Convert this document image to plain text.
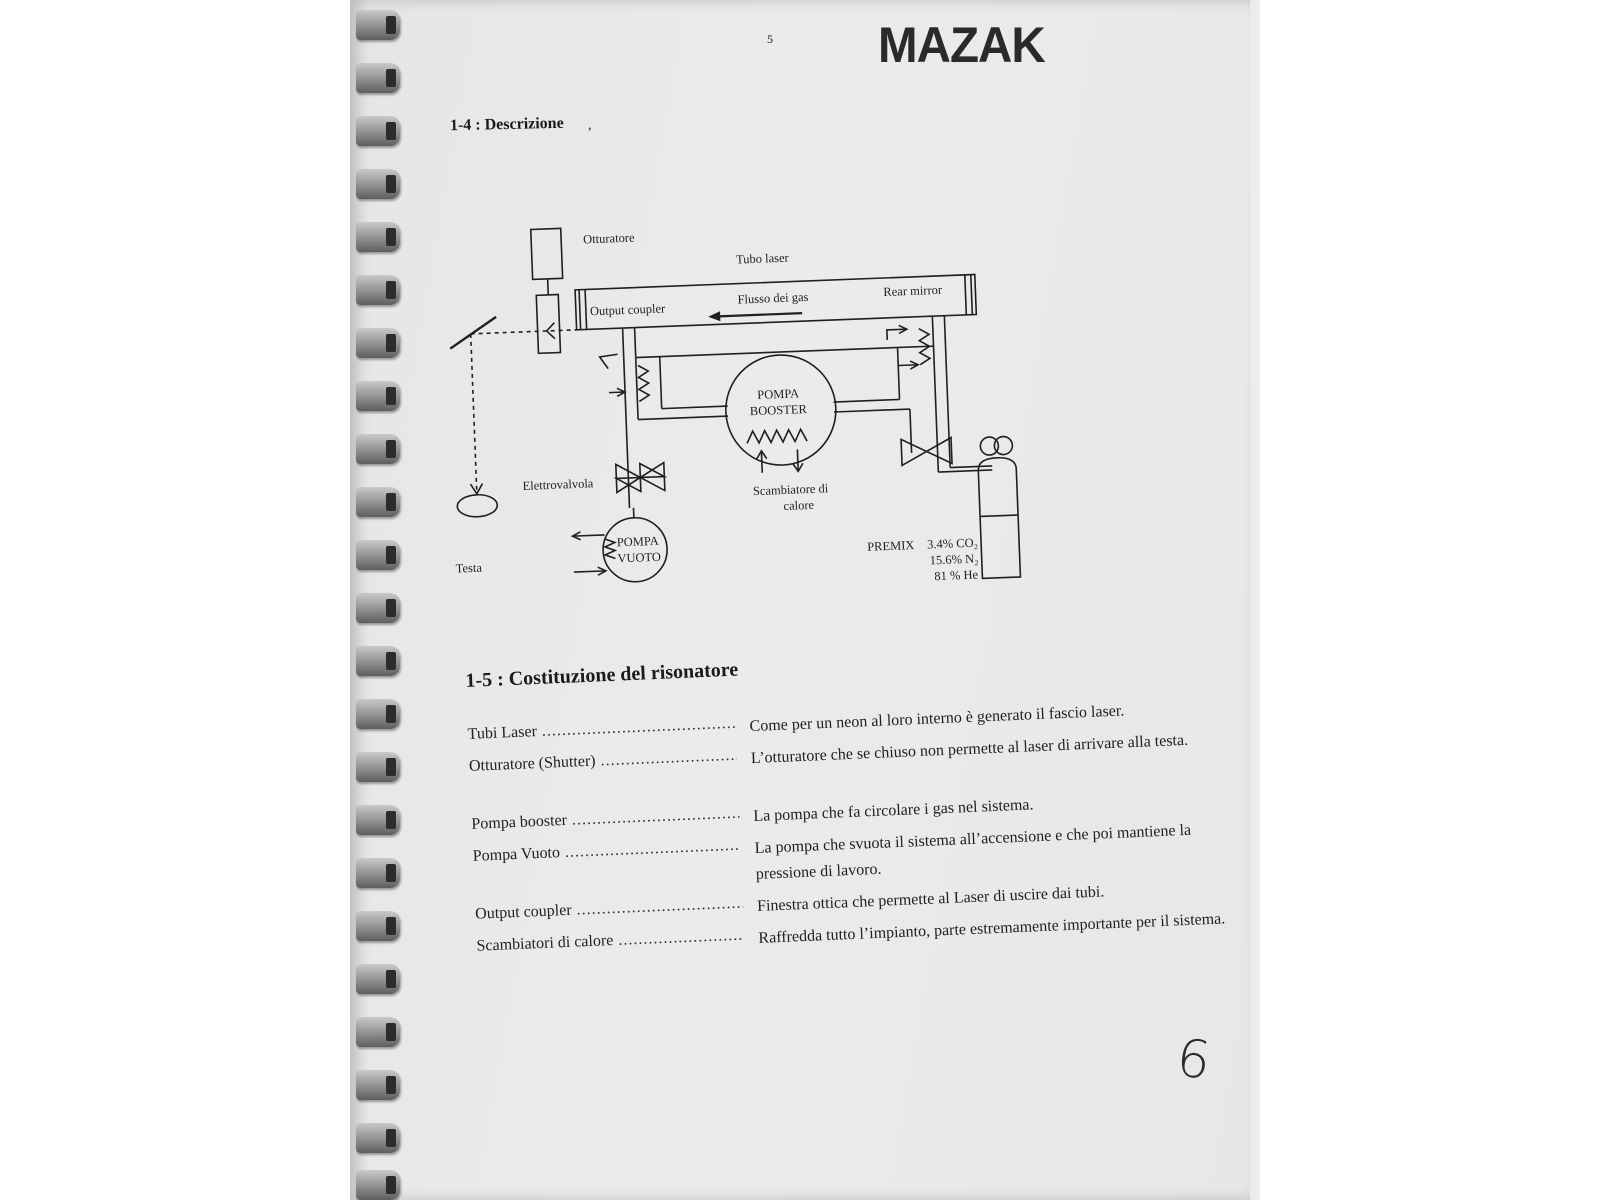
5 MAZAK
1-4 : Descrizione ,
Otturatore
Tubo laser
Output coupler
Rear mirror
Flusso dei gas
POMPA
BOOSTER
Elettrovalvola	Scambiatore di
calore
POMPA
VUOTO
Testa
PREMIX 3.4% CO₂
15.6% N₂
81 % He
1-5 : Costituzione del risonatore
Tubi Laser .....	Come per un neon al loro interno è generato il fascio laser.
Otturatore (Shutter) .....	L’otturatore che se chiuso non permette al laser di arrivare alla testa.
Pompa booster .....	La pompa che fa circolare i gas nel sistema.
Pompa Vuoto .....	La pompa che svuota il sistema all’accensione e che poi mantiene la pressione di lavoro.
Output coupler .....	Finestra ottica che permette al Laser di uscire dai tubi.
Scambiatori di calore .....	Raffredda tutto l’impianto, parte estremamente importante per il sistema.
6
